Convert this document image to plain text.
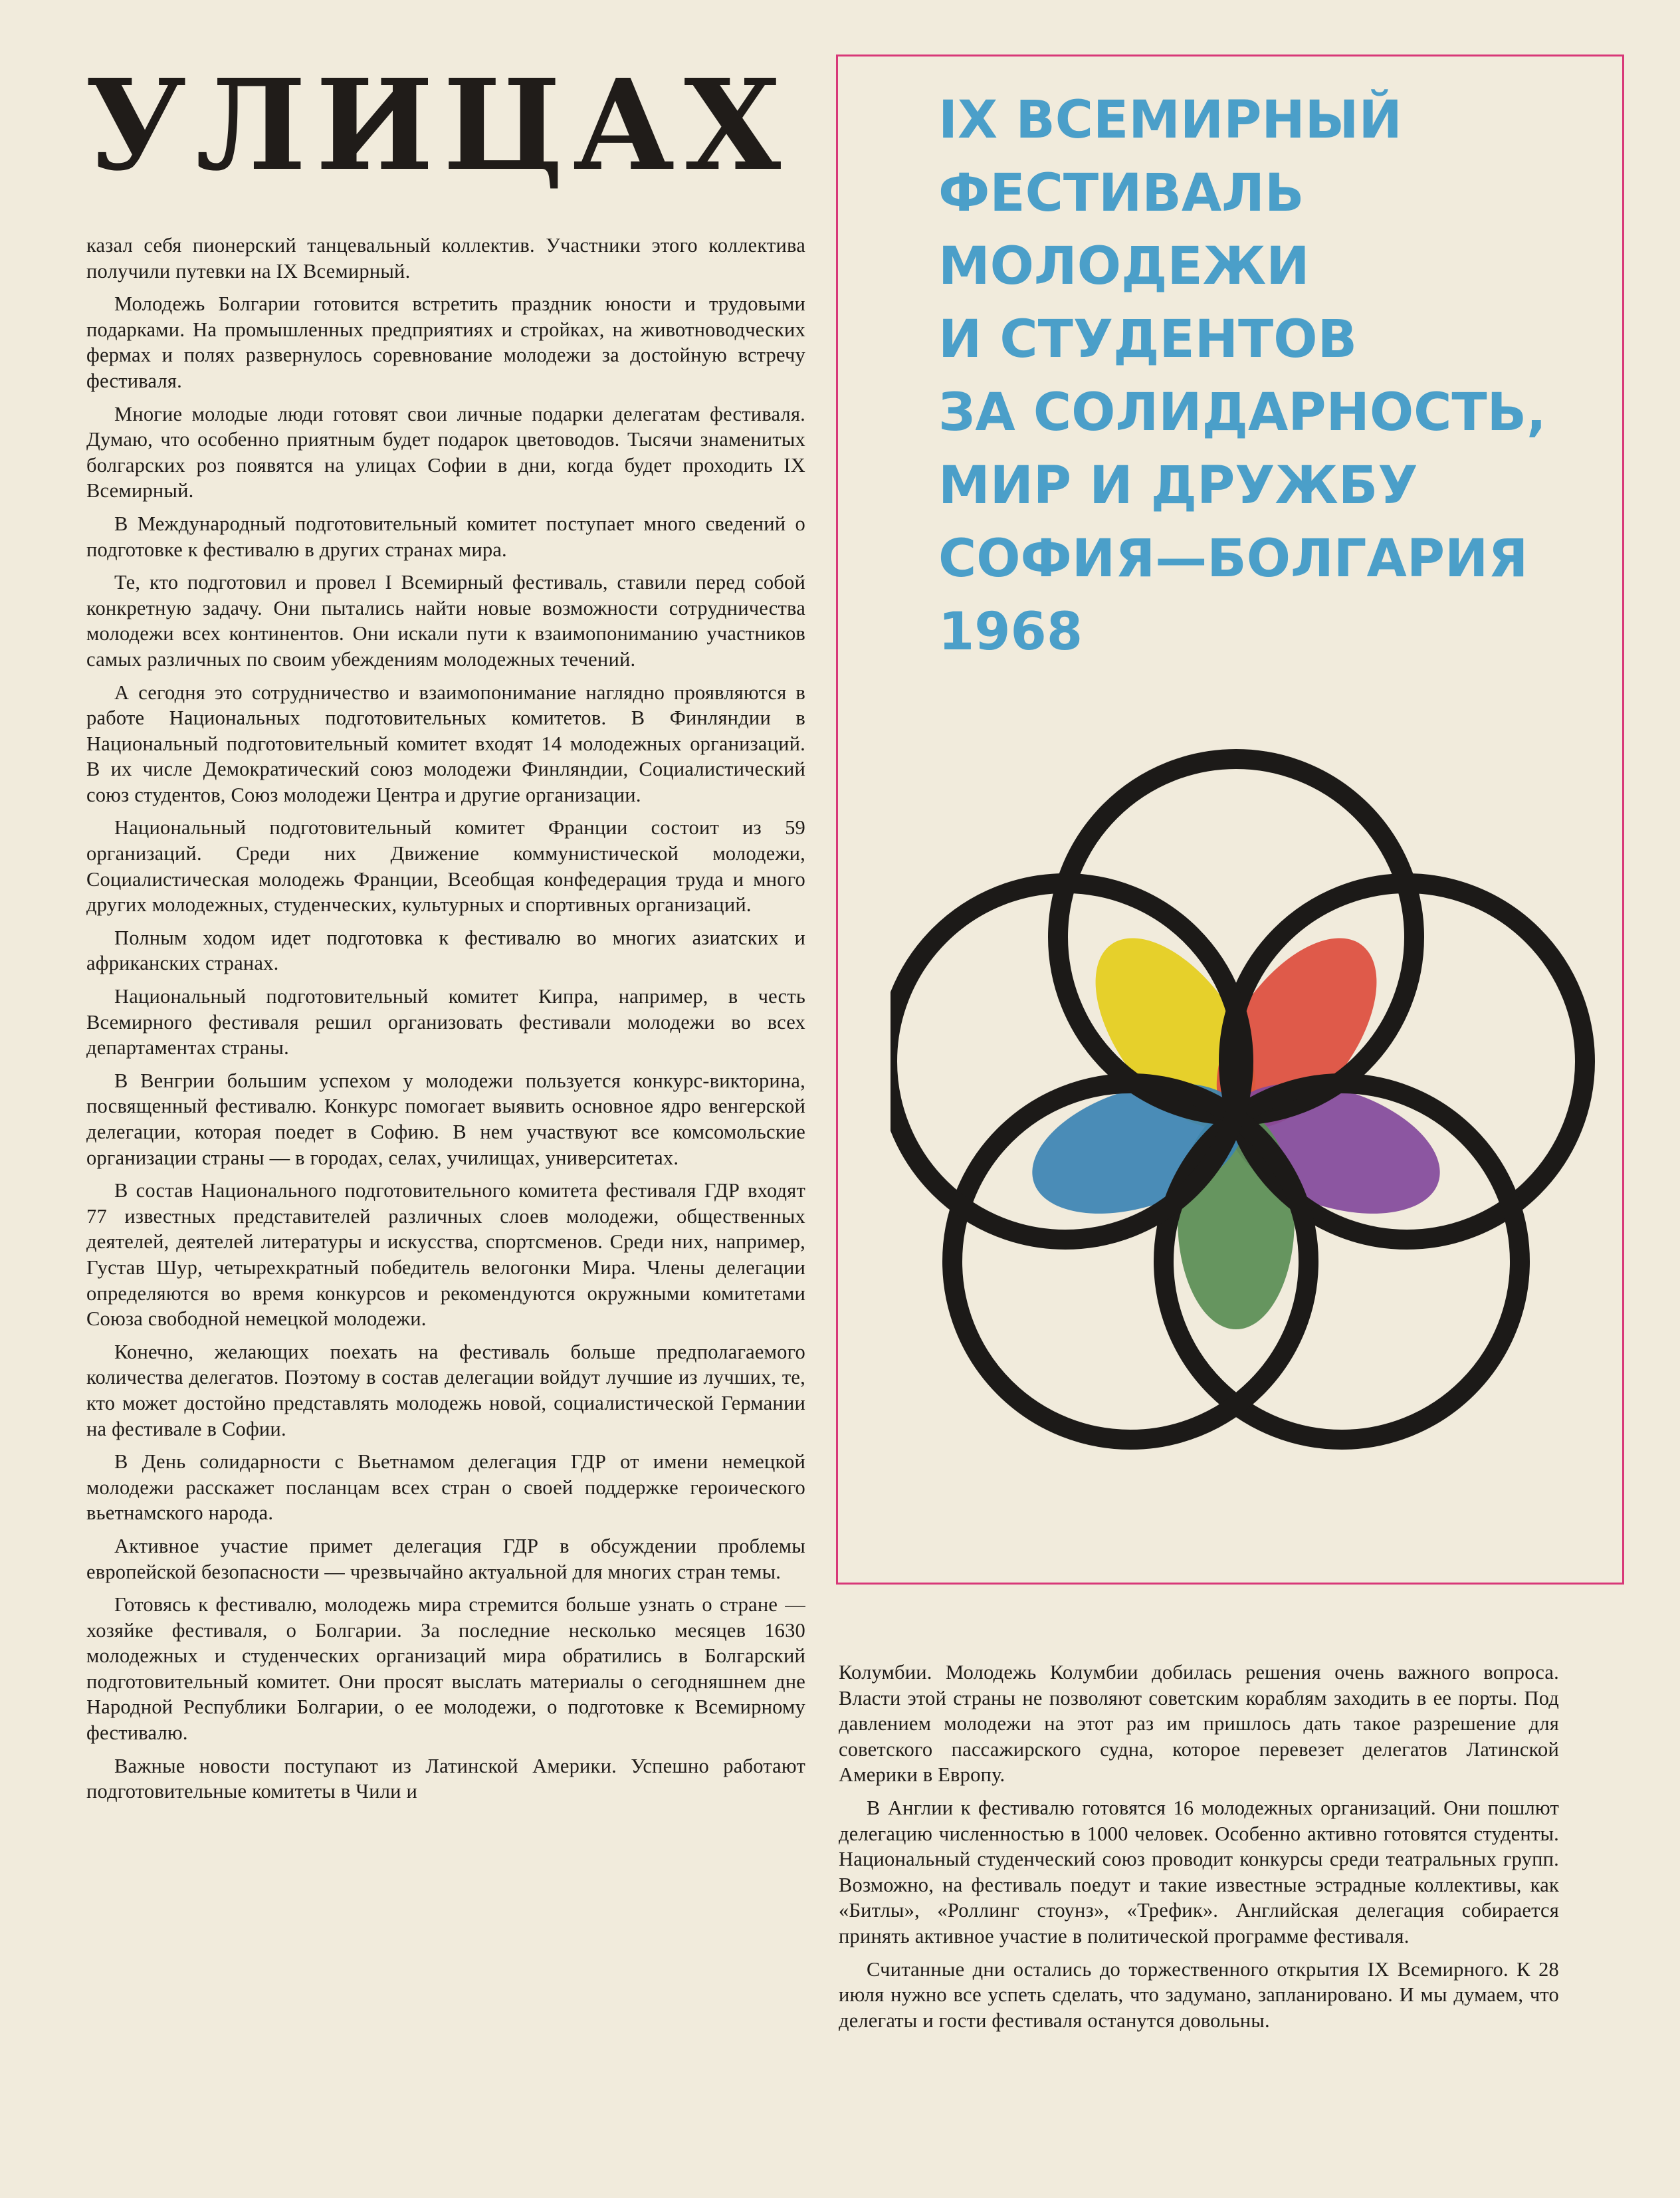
УЛИЦАХ

казал себя пионерский танцевальный коллектив. Участники этого коллектива получили путевки на IX Всемирный.

Молодежь Болгарии готовится встретить праздник юности и трудовыми подарками. На промышленных предприятиях и стройках, на животноводческих фермах и полях развернулось соревнование молодежи за достойную встречу фестиваля.

Многие молодые люди готовят свои личные подарки делегатам фестиваля. Думаю, что особенно приятным будет подарок цветоводов. Тысячи знаменитых болгарских роз появятся на улицах Софии в дни, когда будет проходить IX Всемирный.

В Международный подготовительный комитет поступает много сведений о подготовке к фестивалю в других странах мира.

Те, кто подготовил и провел I Всемирный фестиваль, ставили перед собой конкретную задачу. Они пытались найти новые возможности сотрудничества молодежи всех континентов. Они искали пути к взаимопониманию участников самых различных по своим убеждениям молодежных течений.

А сегодня это сотрудничество и взаимопонимание наглядно проявляются в работе Национальных подготовительных комитетов. В Финляндии в Национальный подготовительный комитет входят 14 молодежных организаций. В их числе Демократический союз молодежи Финляндии, Социалистический союз студентов, Союз молодежи Центра и другие организации.

Национальный подготовительный комитет Франции состоит из 59 организаций. Среди них Движение коммунистической молодежи, Социалистическая молодежь Франции, Всеобщая конфедерация труда и много других молодежных, студенческих, культурных и спортивных организаций.

Полным ходом идет подготовка к фестивалю во многих азиатских и африканских странах.

Национальный подготовительный комитет Кипра, например, в честь Всемирного фестиваля решил организовать фестивали молодежи во всех департаментах страны.

В Венгрии большим успехом у молодежи пользуется конкурс-викторина, посвященный фестивалю. Конкурс помогает выявить основное ядро венгерской делегации, которая поедет в Софию. В нем участвуют все комсомольские организации страны — в городах, селах, училищах, университетах.

В состав Национального подготовительного комитета фестиваля ГДР входят 77 известных представителей различных слоев молодежи, общественных деятелей, деятелей литературы и искусства, спортсменов. Среди них, например, Густав Шур, четырехкратный победитель велогонки Мира. Члены делегации определяются во время конкурсов и рекомендуются окружными комитетами Союза свободной немецкой молодежи.

Конечно, желающих поехать на фестиваль больше предполагаемого количества делегатов. Поэтому в состав делегации войдут лучшие из лучших, те, кто может достойно представлять молодежь новой, социалистической Германии на фестивале в Софии.

В День солидарности с Вьетнамом делегация ГДР от имени немецкой молодежи расскажет посланцам всех стран о своей поддержке героического вьетнамского народа.

Активное участие примет делегация ГДР в обсуждении проблемы европейской безопасности — чрезвычайно актуальной для многих стран темы.

Готовясь к фестивалю, молодежь мира стремится больше узнать о стране — хозяйке фестиваля, о Болгарии. За последние несколько месяцев 1630 молодежных и студенческих организаций мира обратились в Болгарский подготовительный комитет. Они просят выслать материалы о сегодняшнем дне Народной Республики Болгарии, о ее молодежи, о подготовке к Всемирному фестивалю.

Важные новости поступают из Латинской Америки. Успешно работают подготовительные комитеты в Чили и

IX ВСЕМИРНЫЙ
ФЕСТИВАЛЬ
МОЛОДЕЖИ
И СТУДЕНТОВ
ЗА СОЛИДАРНОСТЬ,
МИР И ДРУЖБУ
СОФИЯ—БОЛГАРИЯ
1968

Колумбии. Молодежь Колумбии добилась решения очень важного вопроса. Власти этой страны не позволяют советским кораблям заходить в ее порты. Под давлением молодежи на этот раз им пришлось дать такое разрешение для советского пассажирского судна, которое перевезет делегатов Латинской Америки в Европу.

В Англии к фестивалю готовятся 16 молодежных организаций. Они пошлют делегацию численностью в 1000 человек. Особенно активно готовятся студенты. Национальный студенческий союз проводит конкурсы среди театральных групп. Возможно, на фестиваль поедут и такие известные эстрадные коллективы, как «Битлы», «Роллинг стоунз», «Трефик». Английская делегация собирается принять активное участие в политической программе фестиваля.

Считанные дни остались до торжественного открытия IX Всемирного. К 28 июля нужно все успеть сделать, что задумано, запланировано. И мы думаем, что делегаты и гости фестиваля останутся довольны.
